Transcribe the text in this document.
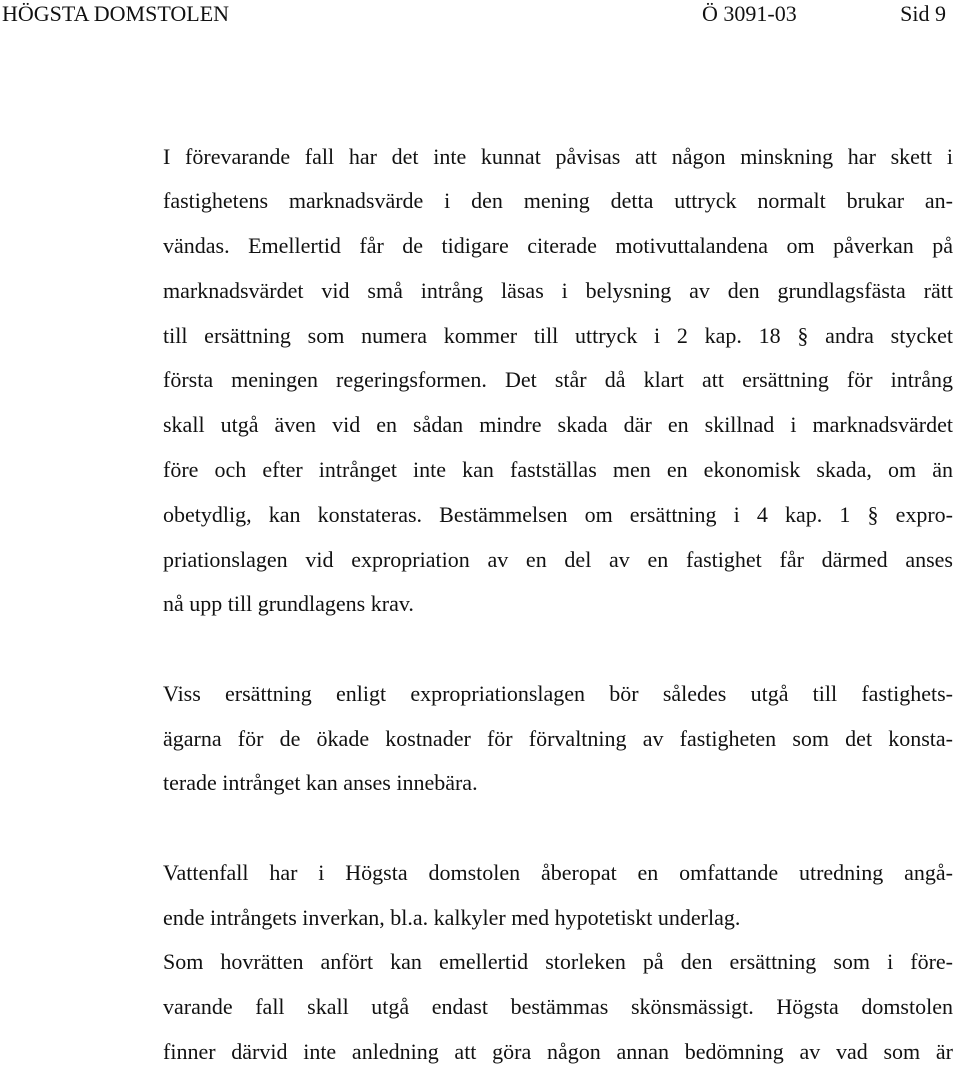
HÖGSTA DOMSTOLEN	Ö 3091-03	Sid 9
I förevarande fall har det inte kunnat påvisas att någon minskning har skett i
fastighetens marknadsvärde i den mening detta uttryck normalt brukar an-
vändas. Emellertid får de tidigare citerade motivuttalandena om påverkan på
marknadsvärdet vid små intrång läsas i belysning av den grundlagsfästa rätt
till ersättning som numera kommer till uttryck i 2 kap. 18 § andra stycket
första meningen regeringsformen. Det står då klart att ersättning för intrång
skall utgå även vid en sådan mindre skada där en skillnad i marknadsvärdet
före och efter intrånget inte kan fastställas men en ekonomisk skada, om än
obetydlig, kan konstateras. Bestämmelsen om ersättning i 4 kap. 1 § expro-
priationslagen vid expropriation av en del av en fastighet får därmed anses
nå upp till grundlagens krav.
Viss ersättning enligt expropriationslagen bör således utgå till fastighets-
ägarna för de ökade kostnader för förvaltning av fastigheten som det konsta-
terade intrånget kan anses innebära.
Vattenfall har i Högsta domstolen åberopat en omfattande utredning angå-
ende intrångets inverkan, bl.a. kalkyler med hypotetiskt underlag.
Som hovrätten anfört kan emellertid storleken på den ersättning som i före-
varande fall skall utgå endast bestämmas skönsmässigt. Högsta domstolen
finner därvid inte anledning att göra någon annan bedömning av vad som är
